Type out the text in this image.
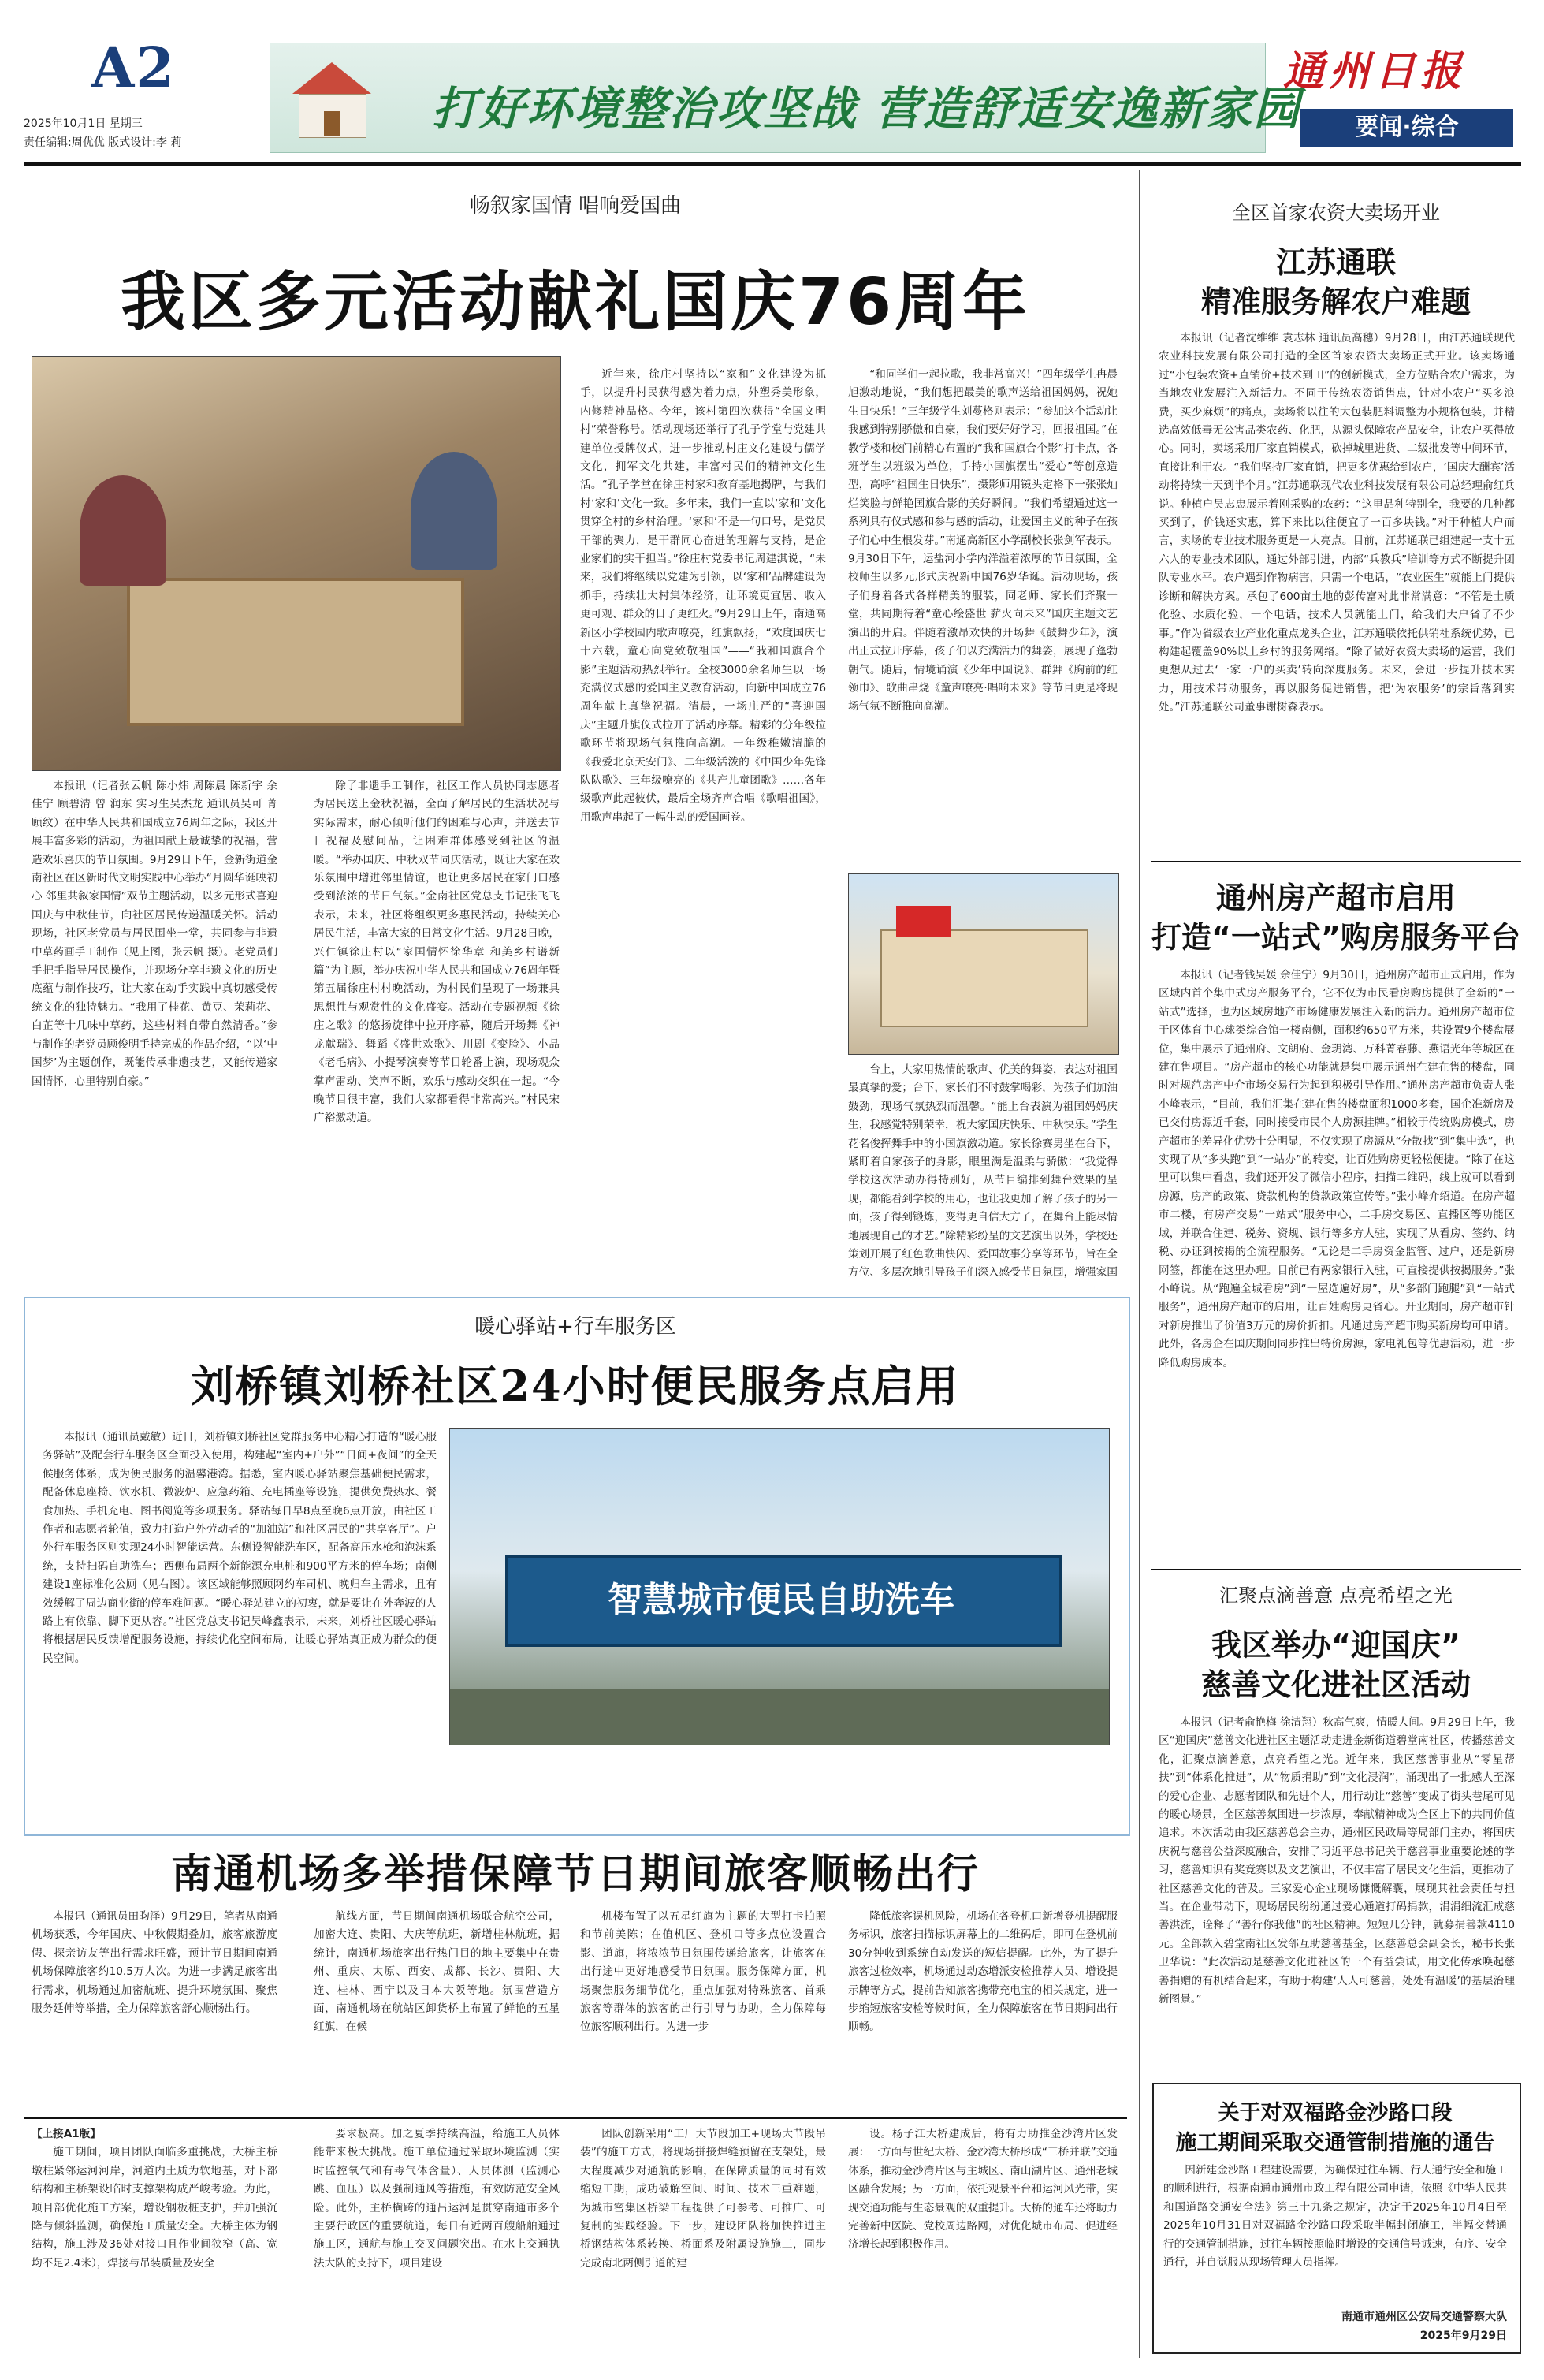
A2
2025年10月1日 星期三
责任编辑:周优优 版式设计:李 莉
打好环境整治攻坚战 营造舒适安逸新家园
通州日报
要闻·综合
畅叙家国情 唱响爱国曲
我区多元活动献礼国庆76周年

本报讯（记者张云帆 陈小炜 周陈晨 陈新宇 余佳宁 顾碧清 曾 润东 实习生吴杰龙 通讯员吴可 菁 顾纹）在中华人民共和国成立76周年之际，我区开展丰富多彩的活动，为祖国献上最诚挚的祝福，营造欢乐喜庆的节日氛围。9月29日下午，金新街道金南社区在区新时代文明实践中心举办“月圆华诞映初心 邻里共叙家国情”双节主题活动，以多元形式喜迎国庆与中秋佳节，向社区居民传递温暖关怀。活动现场，社区老党员与居民围坐一堂，共同参与非遗中草药画手工制作（见上图，张云帆 摄）。老党员们手把手指导居民操作，并现场分享非遗文化的历史底蕴与制作技巧，让大家在动手实践中真切感受传统文化的独特魅力。“我用了桂花、黄豆、茉莉花、白芷等十几味中草药，这些材料自带自然清香。”参与制作的老党员顾俊明手持完成的作品介绍，“以‘中国梦’为主题创作，既能传承非遗技艺，又能传递家国情怀，心里特别自豪。”

除了非遗手工制作，社区工作人员协同志愿者为居民送上金秋祝福，全面了解居民的生活状况与实际需求，耐心倾听他们的困难与心声，并送去节日祝福及慰问品，让困难群体感受到社区的温暖。“举办国庆、中秋双节同庆活动，既让大家在欢乐氛围中增进邻里情谊，也让更多居民在家门口感受到浓浓的节日气氛。”金南社区党总支书记张飞飞表示，未来，社区将组织更多惠民活动，持续关心居民生活，丰富大家的日常文化生活。9月28日晚，兴仁镇徐庄村以“家国情怀徐华章 和美乡村谱新篇”为主题，举办庆祝中华人民共和国成立76周年暨第五届徐庄村村晚活动，为村民们呈现了一场兼具思想性与观赏性的文化盛宴。活动在专题视频《徐庄之歌》的悠扬旋律中拉开序幕，随后开场舞《神龙献瑞》、舞蹈《盛世欢歌》、川剧《变脸》、小品《老毛病》、小提琴演奏等节目轮番上演，现场观众掌声雷动、笑声不断，欢乐与感动交织在一起。“今晚节目很丰富，我们大家都看得非常高兴。”村民宋广裕激动道。

近年来，徐庄村坚持以“家和”文化建设为抓手，以提升村民获得感为着力点，外塑秀美形象，内修精神品格。今年，该村第四次获得“全国文明村”荣誉称号。活动现场还举行了孔子学堂与党建共建单位授牌仪式，进一步推动村庄文化建设与儒学文化，拥军文化共建，丰富村民们的精神文化生活。“孔子学堂在徐庄村家和教育基地揭牌，与我们村‘家和’文化一致。多年来，我们一直以‘家和’文化贯穿全村的乡村治理。‘家和’不是一句口号，是党员干部的聚力，是干群同心奋进的理解与支持，是企业家们的实干担当。”徐庄村党委书记周建淇说，“未来，我们将继续以党建为引领，以‘家和’品牌建设为抓手，持续壮大村集体经济，让环境更宜居、收入更可观、群众的日子更红火。”9月29日上午，南通高新区小学校园内歌声嘹亮，红旗飘扬，“欢度国庆七十六载，童心向党致敬祖国”——“我和国旗合个影”主题活动热烈举行。全校3000余名师生以一场充满仪式感的爱国主义教育活动，向新中国成立76周年献上真挚祝福。清晨，一场庄严的“喜迎国庆”主题升旗仪式拉开了活动序幕。精彩的分年级拉歌环节将现场气氛推向高潮。一年级稚嫩清脆的《我爱北京天安门》、二年级活泼的《中国少年先锋队队歌》、三年级嘹亮的《共产儿童团歌》……各年级歌声此起彼伏，最后全场齐声合唱《歌唱祖国》，用歌声串起了一幅生动的爱国画卷。

“和同学们一起拉歌，我非常高兴！”四年级学生冉晨旭激动地说，“我们想把最美的歌声送给祖国妈妈，祝她生日快乐！”三年级学生刘蔓格则表示：“参加这个活动让我感到特别骄傲和自豪，我们要好好学习，回报祖国。”在教学楼和校门前精心布置的“我和国旗合个影”打卡点，各班学生以班级为单位，手持小国旗摆出“爱心”等创意造型，高呼“祖国生日快乐”，摄影师用镜头定格下一张张灿烂笑脸与鲜艳国旗合影的美好瞬间。“我们希望通过这一系列具有仪式感和参与感的活动，让爱国主义的种子在孩子们心中生根发芽。”南通高新区小学副校长张剑军表示。9月30日下午，运盐河小学内洋溢着浓厚的节日氛围，全校师生以多元形式庆祝新中国76岁华诞。活动现场，孩子们身着各式各样精美的服装，同老师、家长们齐聚一堂，共同期待着“童心绘盛世 薪火向未来”国庆主题文艺演出的开启。伴随着激昂欢快的开场舞《鼓舞少年》，演出正式拉开序幕，孩子们以充满活力的舞姿，展现了蓬勃朝气。随后，情境诵演《少年中国说》、群舞《胸前的红领巾》、歌曲串烧《童声嘹亮·唱响未来》等节目更是将现场气氛不断推向高潮。

台上，大家用热情的歌声、优美的舞姿，表达对祖国最真挚的爱；台下，家长们不时鼓掌喝彩，为孩子们加油鼓劲，现场气氛热烈而温馨。“能上台表演为祖国妈妈庆生，我感觉特别荣幸，祝大家国庆快乐、中秋快乐。”学生花名俊挥舞手中的小国旗激动道。家长徐赛男坐在台下，紧盯着自家孩子的身影，眼里满是温柔与骄傲：“我觉得学校这次活动办得特别好，从节目编排到舞台效果的呈现，都能看到学校的用心，也让我更加了解了孩子的另一面，孩子得到锻炼，变得更自信大方了，在舞台上能尽情地展现自己的才艺。”除精彩纷呈的文艺演出以外，学校还策划开展了红色歌曲快闪、爱国故事分享等环节，旨在全方位、多层次地引导孩子们深入感受节日氛围，增强家国

暖心驿站+行车服务区
刘桥镇刘桥社区24小时便民服务点启用

本报讯（通讯员戴敏）近日，刘桥镇刘桥社区党群服务中心精心打造的“暖心服务驿站”及配套行车服务区全面投入使用，构建起“室内+户外”“日间+夜间”的全天候服务体系，成为便民服务的温馨港湾。据悉，室内暖心驿站聚焦基础便民需求，配备休息座椅、饮水机、微波炉、应急药箱、充电插座等设施，提供免费热水、餐食加热、手机充电、图书阅览等多项服务。驿站每日早8点至晚6点开放，由社区工作者和志愿者轮值，致力打造户外劳动者的“加油站”和社区居民的“共享客厅”。户外行车服务区则实现24小时智能运营。东侧设智能洗车区，配备高压水枪和泡沫系统，支持扫码自助洗车；西侧布局两个新能源充电桩和900平方米的停车场；南侧建设1座标准化公厕（见右图）。该区域能够照顾网约车司机、晚归车主需求，且有效缓解了周边商业街的停车难问题。“暖心驿站建立的初衷，就是要让在外奔波的人路上有依靠、脚下更从容。”社区党总支书记吴峰鑫表示，未来，刘桥社区暖心驿站将根据居民反馈增配服务设施，持续优化空间布局，让暖心驿站真正成为群众的便民空间。

智慧城市便民自助洗车
南通机场多举措保障节日期间旅客顺畅出行

本报讯（通讯员田昀泽）9月29日，笔者从南通机场获悉，今年国庆、中秋假期叠加，旅客旅游度假、探亲访友等出行需求旺盛，预计节日期间南通机场保障旅客约10.5万人次。为进一步满足旅客出行需求，机场通过加密航班、提升环境氛围、聚焦服务延伸等举措，全力保障旅客舒心顺畅出行。

航线方面，节日期间南通机场联合航空公司，加密大连、贵阳、大庆等航班，新增桂林航班，据统计，南通机场旅客出行热门目的地主要集中在贵州、重庆、太原、西安、成都、长沙、贵阳、大连、桂林、西宁以及日本大阪等地。氛围营造方面，南通机场在航站区卸货桥上布置了鲜艳的五星红旗，在候

机楼布置了以五星红旗为主题的大型打卡拍照和节前美陈；在值机区、登机口等多点位设置合影、道旗，将浓浓节日氛围传递给旅客，让旅客在出行途中更好地感受节日氛围。服务保障方面，机场聚焦服务细节优化，重点加强对特殊旅客、首乘旅客等群体的旅客的出行引导与协助，全力保障每位旅客顺利出行。为进一步

降低旅客误机风险，机场在各登机口新增登机提醒服务标识，旅客扫描标识屏幕上的二维码后，即可在登机前30分钟收到系统自动发送的短信提醒。此外，为了提升旅客过检效率，机场通过动态增派安检推荐人员、增设提示牌等方式，提前告知旅客携带充电宝的相关规定，进一步缩短旅客安检等候时间，全力保障旅客在节日期间出行顺畅。

【上接A1版】

施工期间，项目团队面临多重挑战，大桥主桥墩柱紧邻运河河岸，河道内土质为软地基，对下部结构和主桥架设临时支撑架构成严峻考验。为此，项目部优化施工方案，增设钢板桩支护，并加强沉降与倾斜监测，确保施工质量安全。大桥主体为钢结构，施工涉及36处对接口且作业间狭窄（高、宽均不足2.4米），焊接与吊装质量及安全

要求极高。加之夏季持续高温，给施工人员体能带来极大挑战。施工单位通过采取环境监测（实时监控氧气和有毒气体含量）、人员体测（监测心跳、血压）以及强制通风等措施，有效防范安全风险。此外，主桥横跨的通吕运河是贯穿南通市多个主要行政区的重要航道，每日有近两百艘船舶通过施工区，通航与施工交叉问题突出。在水上交通执法大队的支持下，项目建设

团队创新采用“工厂大节段加工+现场大节段吊装”的施工方式，将现场拼接焊缝预留在支架处，最大程度减少对通航的影响，在保障质量的同时有效缩短工期，成功破解空间、时间、技术三重难题，为城市密集区桥梁工程提供了可参考、可推广、可复制的实践经验。下一步，建设团队将加快推进主桥钢结构体系转换、桥面系及附属设施施工，同步完成南北两侧引道的建

设。杨子江大桥建成后，将有力助推金沙湾片区发展：一方面与世纪大桥、金沙湾大桥形成“三桥并联”交通体系，推动金沙湾片区与主城区、南山湖片区、通州老城区融合发展；另一方面，依托观景平台和运河风光带，实现交通功能与生态景观的双重提升。大桥的通车还将助力完善新中医院、党校周边路网，对优化城市布局、促进经济增长起到积极作用。

全区首家农资大卖场开业
江苏通联
精准服务解农户难题

本报讯（记者沈维维 袁志林 通讯员高穗）9月28日，由江苏通联现代农业科技发展有限公司打造的全区首家农资大卖场正式开业。该卖场通过“小包装农资+直销价+技术到田”的创新模式，全方位贴合农户需求，为当地农业发展注入新活力。不同于传统农资销售点，针对小农户“买多浪费，买少麻烦”的痛点，卖场将以往的大包装肥料调整为小规格包装，并精选高效低毒无公害品类农药、化肥，从源头保障农产品安全，让农户买得放心。同时，卖场采用厂家直销模式，砍掉城里进货、二级批发等中间环节，直接让利于农。“我们坚持厂家直销，把更多优惠给到农户，‘国庆大酬宾’活动将持续十天到半个月。”江苏通联现代农业科技发展有限公司总经理俞红兵说。种植户吴志忠展示着刚采购的农药：“这里品种特别全，我要的几种都买到了，价钱还实惠，算下来比以往便宜了一百多块钱。”对于种植大户而言，卖场的专业技术服务更是一大亮点。目前，江苏通联已组建起一支十五六人的专业技术团队，通过外部引进，内部“兵教兵”培训等方式不断提升团队专业水平。农户遇到作物病害，只需一个电话，“农业医生”就能上门提供诊断和解决方案。承包了600亩土地的彭传富对此非常满意：“不管是土质化验、水质化验，一个电话，技术人员就能上门，给我们大户省了不少事。”作为省级农业产业化重点龙头企业，江苏通联依托供销社系统优势，已构建起覆盖90%以上乡村的服务网络。“除了做好农资大卖场的运营，我们更想从过去‘一家一户的买卖’转向深度服务。未来，会进一步提升技术实力，用技术带动服务，再以服务促进销售，把‘为农服务’的宗旨落到实处。”江苏通联公司董事谢树森表示。

通州房产超市启用
打造“一站式”购房服务平台

本报讯（记者钱吴媛 余佳宁）9月30日，通州房产超市正式启用，作为区域内首个集中式房产服务平台，它不仅为市民看房购房提供了全新的“一站式”选择，也为区域房地产市场健康发展注入新的活力。通州房产超市位于区体育中心球类综合馆一楼南侧，面积约650平方米，共设置9个楼盘展位，集中展示了通州府、文朗府、金玥湾、万科菁春藤、燕语光年等城区在建在售项目。“房产超市的核心功能就是集中展示通州在建在售的楼盘，同时对规范房产中介市场交易行为起到积极引导作用。”通州房产超市负责人张小峰表示，“目前，我们汇集在建在售的楼盘面积1000多套，国企准新房及已交付房源近千套，同时接受市民个人房源挂牌。”相较于传统购房模式，房产超市的差异化优势十分明显，不仅实现了房源从“分散找”到“集中选”，也实现了从“多头跑”到“一站办”的转变，让百姓购房更轻松便捷。“除了在这里可以集中看盘，我们还开发了微信小程序，扫描二维码，线上就可以看到房源，房产的政策、贷款机构的贷款政策宣传等。”张小峰介绍道。在房产超市二楼，有房产交易“一站式”服务中心，二手房交易区、直播区等功能区域，并联合住建、税务、资规、银行等多方人驻，实现了从看房、签约、纳税、办证到按揭的全流程服务。“无论是二手房资金监管、过户，还是新房网签，都能在这里办理。目前已有两家银行入驻，可直接提供按揭服务。”张小峰说。从“跑遍全城看房”到“一屋选遍好房”，从“多部门跑腿”到“一站式服务”，通州房产超市的启用，让百姓购房更省心。开业期间，房产超市针对新房推出了价值3万元的房价折扣。凡通过房产超市购买新房均可申请。此外，各房企在国庆期间同步推出特价房源，家电礼包等优惠活动，进一步降低购房成本。

汇聚点滴善意 点亮希望之光
我区举办“迎国庆”
慈善文化进社区活动

本报讯（记者俞艳梅 徐清翔）秋高气爽，情暖人间。9月29日上午，我区“迎国庆”慈善文化进社区主题活动走进金新街道碧堂南社区，传播慈善文化，汇聚点滴善意，点亮希望之光。近年来，我区慈善事业从“零星帮扶”到“体系化推进”，从“物质捐助”到“文化浸润”，涌现出了一批感人至深的爱心企业、志愿者团队和先进个人，用行动让“慈善”变成了街头巷尾可见的暖心场景，全区慈善氛围进一步浓厚，奉献精神成为全区上下的共同价值追求。本次活动由我区慈善总会主办，通州区民政局等局部门主办，将国庆庆祝与慈善公益深度融合，安排了习近平总书记关于慈善事业重要论述的学习，慈善知识有奖竞赛以及文艺演出，不仅丰富了居民文化生活，更推动了社区慈善文化的普及。三家爱心企业现场慷慨解囊，展现其社会责任与担当。在企业带动下，现场居民纷纷通过爱心通道打码捐款，涓涓细流汇成慈善洪流，诠释了“善行你我他”的社区精神。短短几分钟，就募捐善款4110元。全部款入碧堂南社区发邻互助慈善基金，区慈善总会副会长，秘书长张卫华说：“此次活动是慈善文化进社区的一个有益尝试，用文化传承唤起慈善捐赠的有机结合起来，有助于构建‘人人可慈善，处处有温暖’的基层治理新图景。”

关于对双福路金沙路口段
施工期间采取交通管制措施的通告

因新建金沙路工程建设需要，为确保过往车辆、行人通行安全和施工的顺利进行，根据南通市通州市政工程有限公司申请，依照《中华人民共和国道路交通安全法》第三十九条之规定，决定于2025年10月4日至2025年10月31日对双福路金沙路口段采取半幅封闭施工，半幅交替通行的交通管制措施，过往车辆按照临时增设的交通信号诫速，有序、安全通行，并自觉服从现场管理人员指挥。

南通市通州区公安局交通警察大队
2025年9月29日
